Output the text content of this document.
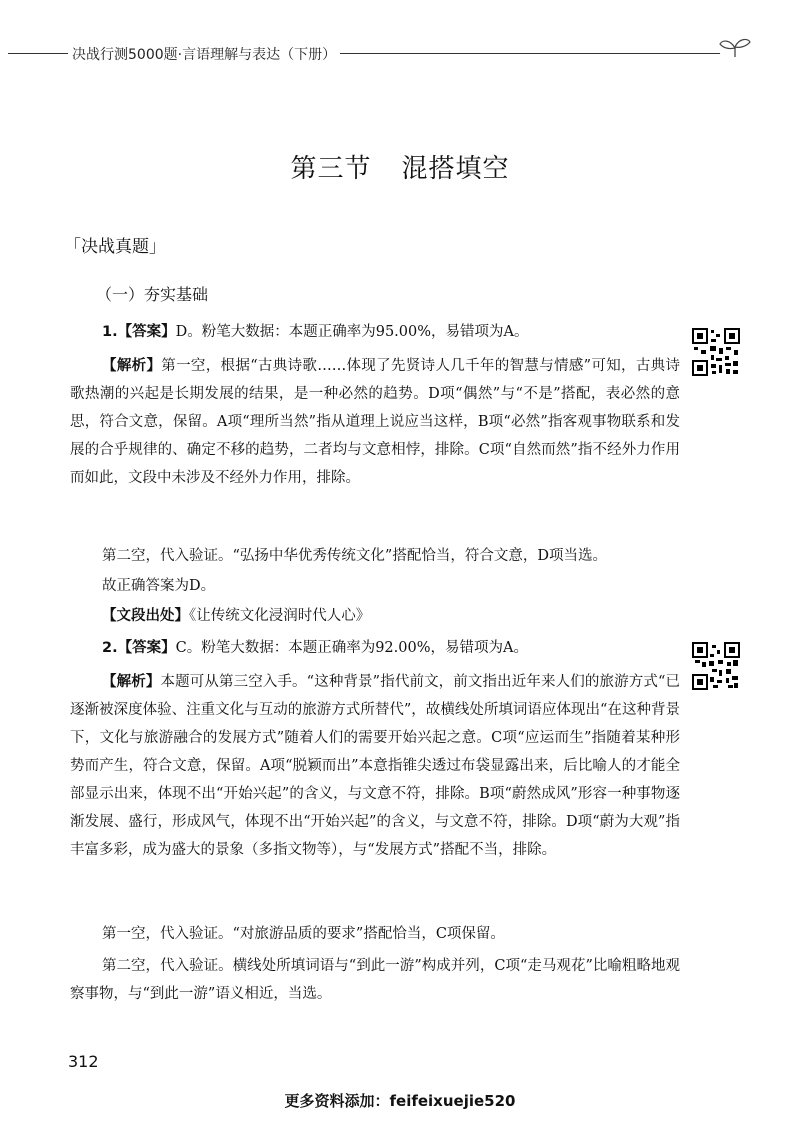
决战行测5000题·言语理解与表达（下册）
第三节 混搭填空
「决战真题」
（一）夯实基础
1.【答案】D。粉笔大数据：本题正确率为95.00%，易错项为A。
【解析】第一空，根据“古典诗歌……体现了先贤诗人几千年的智慧与情感”可知，古典诗歌热潮的兴起是长期发展的结果，是一种必然的趋势。D项“偶然”与“不是”搭配，表必然的意思，符合文意，保留。A项“理所当然”指从道理上说应当这样，B项“必然”指客观事物联系和发展的合乎规律的、确定不移的趋势，二者均与文意相悖，排除。C项“自然而然”指不经外力作用而如此，文段中未涉及不经外力作用，排除。
第二空，代入验证。“弘扬中华优秀传统文化”搭配恰当，符合文意，D项当选。
故正确答案为D。
【文段出处】《让传统文化浸润时代人心》
2.【答案】C。粉笔大数据：本题正确率为92.00%，易错项为A。
【解析】本题可从第三空入手。“这种背景”指代前文，前文指出近年来人们的旅游方式“已逐渐被深度体验、注重文化与互动的旅游方式所替代”，故横线处所填词语应体现出“在这种背景下，文化与旅游融合的发展方式”随着人们的需要开始兴起之意。C项“应运而生”指随着某种形势而产生，符合文意，保留。A项“脱颖而出”本意指锥尖透过布袋显露出来，后比喻人的才能全部显示出来，体现不出“开始兴起”的含义，与文意不符，排除。B项“蔚然成风”形容一种事物逐渐发展、盛行，形成风气，体现不出“开始兴起”的含义，与文意不符，排除。D项“蔚为大观”指丰富多彩，成为盛大的景象（多指文物等），与“发展方式”搭配不当，排除。
第一空，代入验证。“对旅游品质的要求”搭配恰当，C项保留。
第二空，代入验证。横线处所填词语与“到此一游”构成并列，C项“走马观花”比喻粗略地观察事物，与“到此一游”语义相近，当选。
312
更多资料添加：feifeixuejie520
